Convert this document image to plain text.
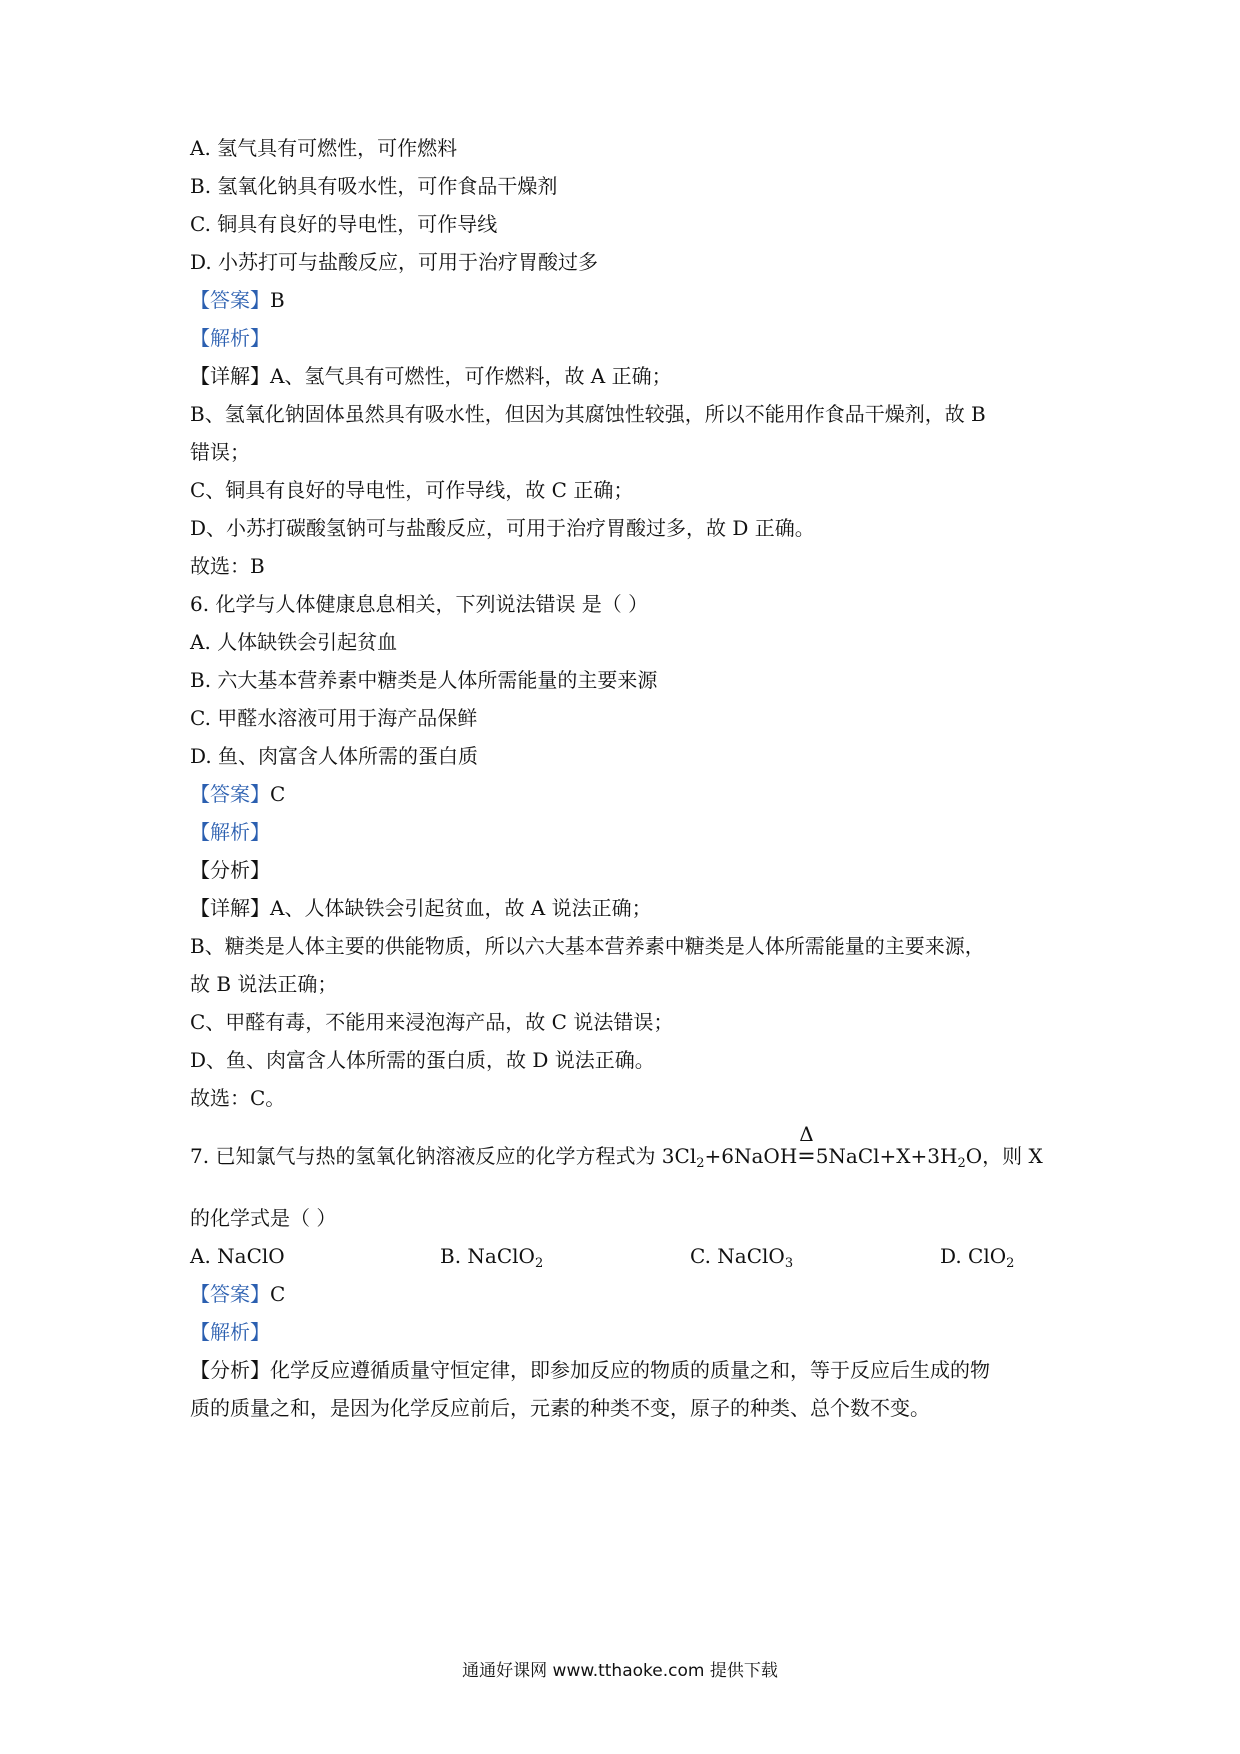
A. 氢气具有可燃性，可作燃料
B. 氢氧化钠具有吸水性，可作食品干燥剂
C. 铜具有良好的导电性，可作导线
D. 小苏打可与盐酸反应，可用于治疗胃酸过多
【答案】B
【解析】
【详解】A、氢气具有可燃性，可作燃料，故 A 正确；
B、氢氧化钠固体虽然具有吸水性，但因为其腐蚀性较强，所以不能用作食品干燥剂，故 B
错误；
C、铜具有良好的导电性，可作导线，故 C 正确；
D、小苏打碳酸氢钠可与盐酸反应，可用于治疗胃酸过多，故 D 正确。
故选：B
6. 化学与人体健康息息相关，下列说法错误 是（ ）
A. 人体缺铁会引起贫血
B. 六大基本营养素中糖类是人体所需能量的主要来源
C. 甲醛水溶液可用于海产品保鲜
D. 鱼、肉富含人体所需的蛋白质
【答案】C
【解析】
【分析】
【详解】A、人体缺铁会引起贫血，故 A 说法正确；
B、糖类是人体主要的供能物质，所以六大基本营养素中糖类是人体所需能量的主要来源，
故 B 说法正确；
C、甲醛有毒，不能用来浸泡海产品，故 C 说法错误；
D、鱼、肉富含人体所需的蛋白质，故 D 说法正确。
故选：C。
7. 已知氯气与热的氢氧化钠溶液反应的化学方程式为 $3Cl_2+6NaOH$
Δ
$=5NaCl+X+3H_2O$，则 X
的化学式是（ ）
A. NaClO	B. NaClO$_2$	C. NaClO$_3$	D. ClO$_2$
【答案】C
【解析】
【分析】化学反应遵循质量守恒定律，即参加反应的物质的质量之和，等于反应后生成的物
质的质量之和，是因为化学反应前后，元素的种类不变，原子的种类、总个数不变。
通通好课网 www.tthaoke.com 提供下载
